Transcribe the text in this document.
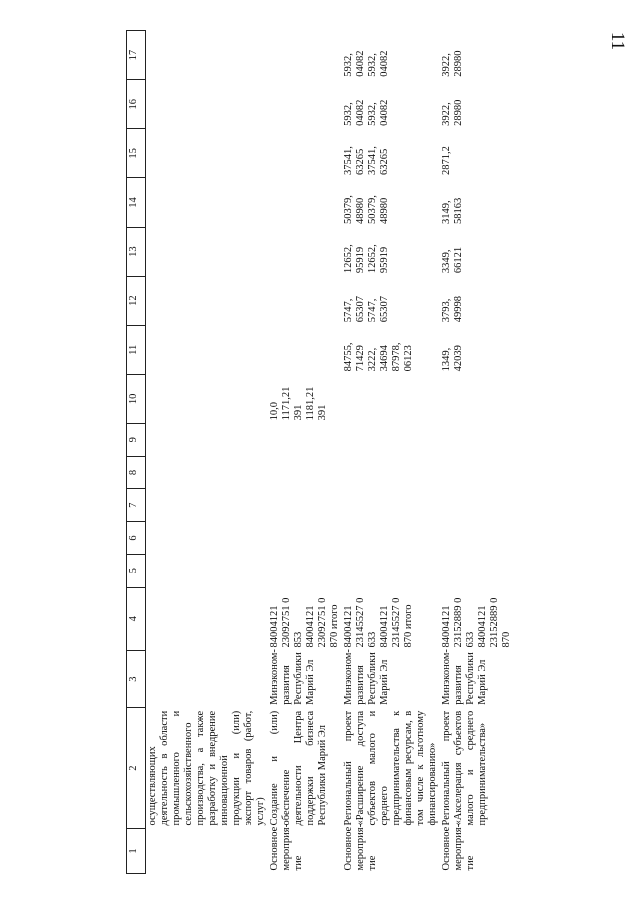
11
1	2	3	4	5	6	7	8	9	10	11	12	13	14	15	16	17
	осуществляющих деятельность в области промышленного и сельскохозяйственного производства, а также разработку и внедрение инновационной продукции и (или) экспорт товаров (работ, услуг)															
Основное мероприя-тие	Создание и (или) обеспечение деятельности Центра поддержки бизнеса Республики Марий Эл	Минэконом-развития Республики Марий Эл	84004121 23092751 0 853 84004121 23092751 0 870 итого						10,0 1171,21 391 1181,21 391							
Основное мероприя-тие	Региональный проект «Расширение доступа субъектов малого и среднего предпринимательства к финансовым ресурсам, в том числе к льготному финансированию»	Минэконом-развития Республики Марий Эл	84004121 23145527 0 633 84004121 23145527 0 870 итого							84755, 71429 3222, 34694 87978, 06123	5747, 65307 5747, 65307	12652, 95919 12652, 95919	50379, 48980 50379, 48980	37541, 63265 37541, 63265	5932, 04082 5932, 04082	5932, 04082 5932, 04082
Основное мероприя-тие	Региональный проект «Акселерация субъектов малого и среднего предпринимательства»	Минэконом-развития Республики Марий Эл	84004121 23152889 0 633 84004121 23152889 0 870							1349, 42039	3793, 49998	3349, 66121	3149, 58163	2871,2	3922, 28980	3922, 28980
